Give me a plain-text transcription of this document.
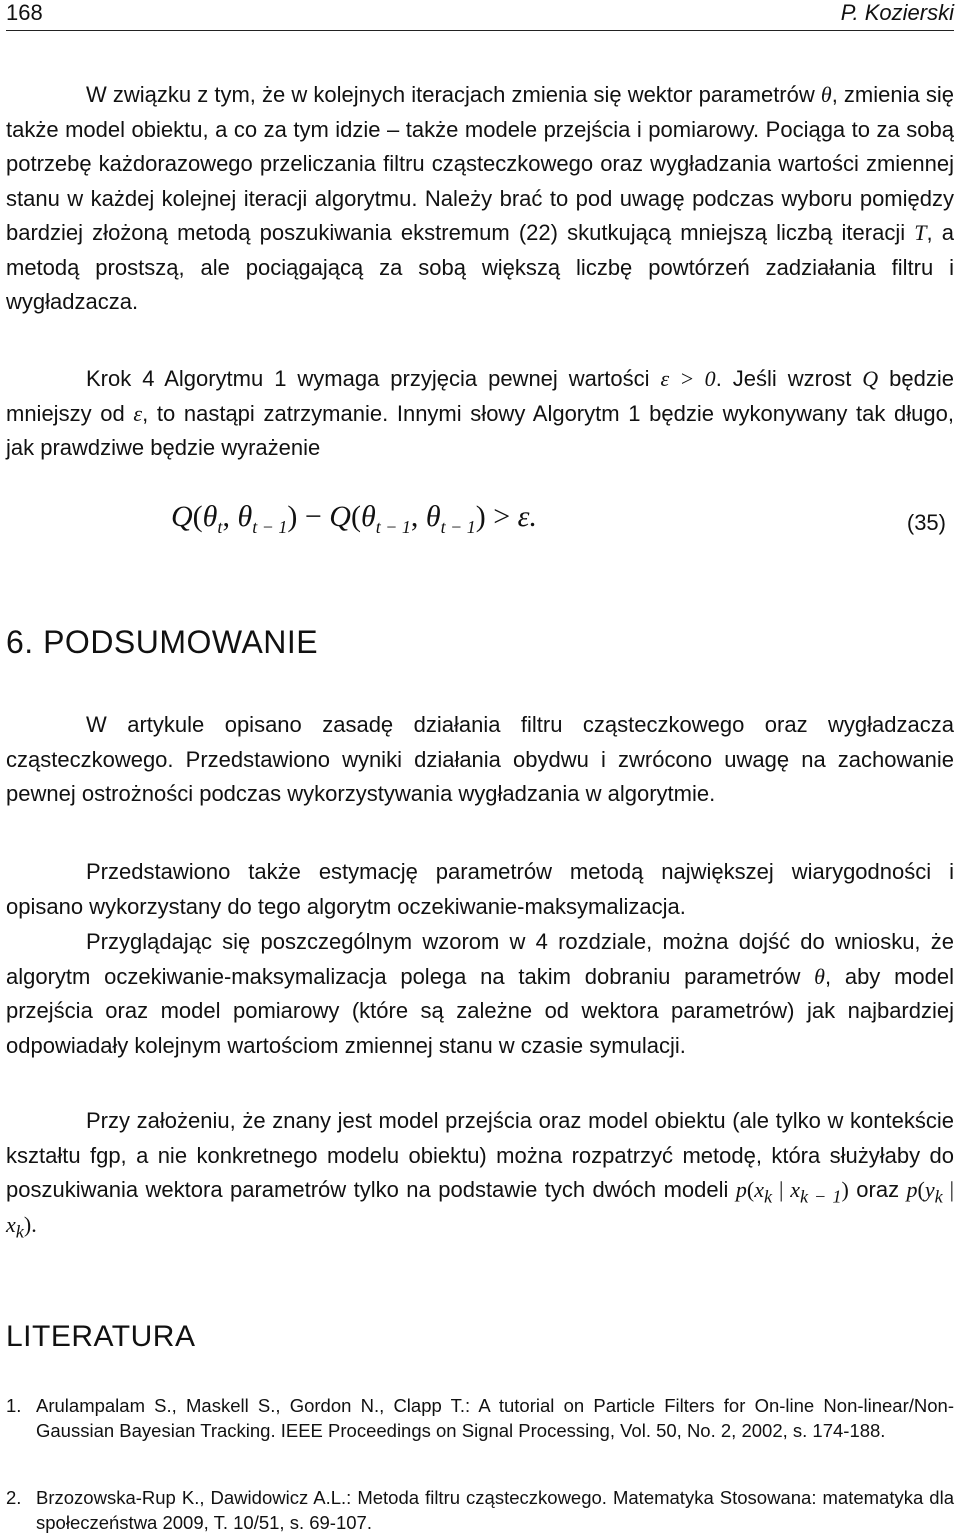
168	P. Kozierski

W związku z tym, że w kolejnych iteracjach zmienia się wektor parametrów θ, zmienia się także model obiektu, a co za tym idzie – także modele przejścia i pomiarowy. Pociąga to za sobą potrzebę każdorazowego przeliczania filtru cząsteczkowego oraz wygładzania wartości zmiennej stanu w każdej kolejnej iteracji algorytmu. Należy brać to pod uwagę podczas wyboru pomiędzy bardziej złożoną metodą poszukiwania ekstremum (22) skutkującą mniejszą liczbą iteracji T, a metodą prostszą, ale pociągającą za sobą większą liczbę powtórzeń zadziałania filtru i wygładzacza.

Krok 4 Algorytmu 1 wymaga przyjęcia pewnej wartości ε > 0. Jeśli wzrost Q będzie mniejszy od ε, to nastąpi zatrzymanie. Innymi słowy Algorytm 1 będzie wykonywany tak długo, jak prawdziwe będzie wyrażenie

$Q(\theta_t$, $\theta_{t - 1}) - Q(\theta_{t - 1}$, $\theta_{t - 1}) > \varepsilon$.	(35)
6. PODSUMOWANIE

W artykule opisano zasadę działania filtru cząsteczkowego oraz wygładzacza cząsteczkowego. Przedstawiono wyniki działania obydwu i zwrócono uwagę na zachowanie pewnej ostrożności podczas wykorzystywania wygładzania w algorytmie.

Przedstawiono także estymację parametrów metodą największej wiarygodności i opisano wykorzystany do tego algorytm oczekiwanie-maksymalizacja.

Przyglądając się poszczególnym wzorom w 4 rozdziale, można dojść do wniosku, że algorytm oczekiwanie-maksymalizacja polega na takim dobraniu parametrów θ, aby model przejścia oraz model pomiarowy (które są zależne od wektora parametrów) jak najbardziej odpowiadały kolejnym wartościom zmiennej stanu w czasie symulacji.

Przy założeniu, że znany jest model przejścia oraz model obiektu (ale tylko w kontekście kształtu fgp, a nie konkretnego modelu obiektu) można rozpatrzyć metodę, która służyłaby do poszukiwania wektora parametrów tylko na podstawie tych dwóch modeli $p(x_k$ | $x_{k - 1}$) oraz $p(y_k$ | $x_k$).

LITERATURA
1. Arulampalam S., Maskell S., Gordon N., Clapp T.: A tutorial on Particle Filters for On-line Non-linear/Non-Gaussian Bayesian Tracking. IEEE Proceedings on Signal Processing, Vol. 50, No. 2, 2002, s. 174-188.
2. Brzozowska-Rup K., Dawidowicz A.L.: Metoda filtru cząsteczkowego. Matematyka Stosowana: matematyka dla społeczeństwa 2009, T. 10/51, s. 69-107.
